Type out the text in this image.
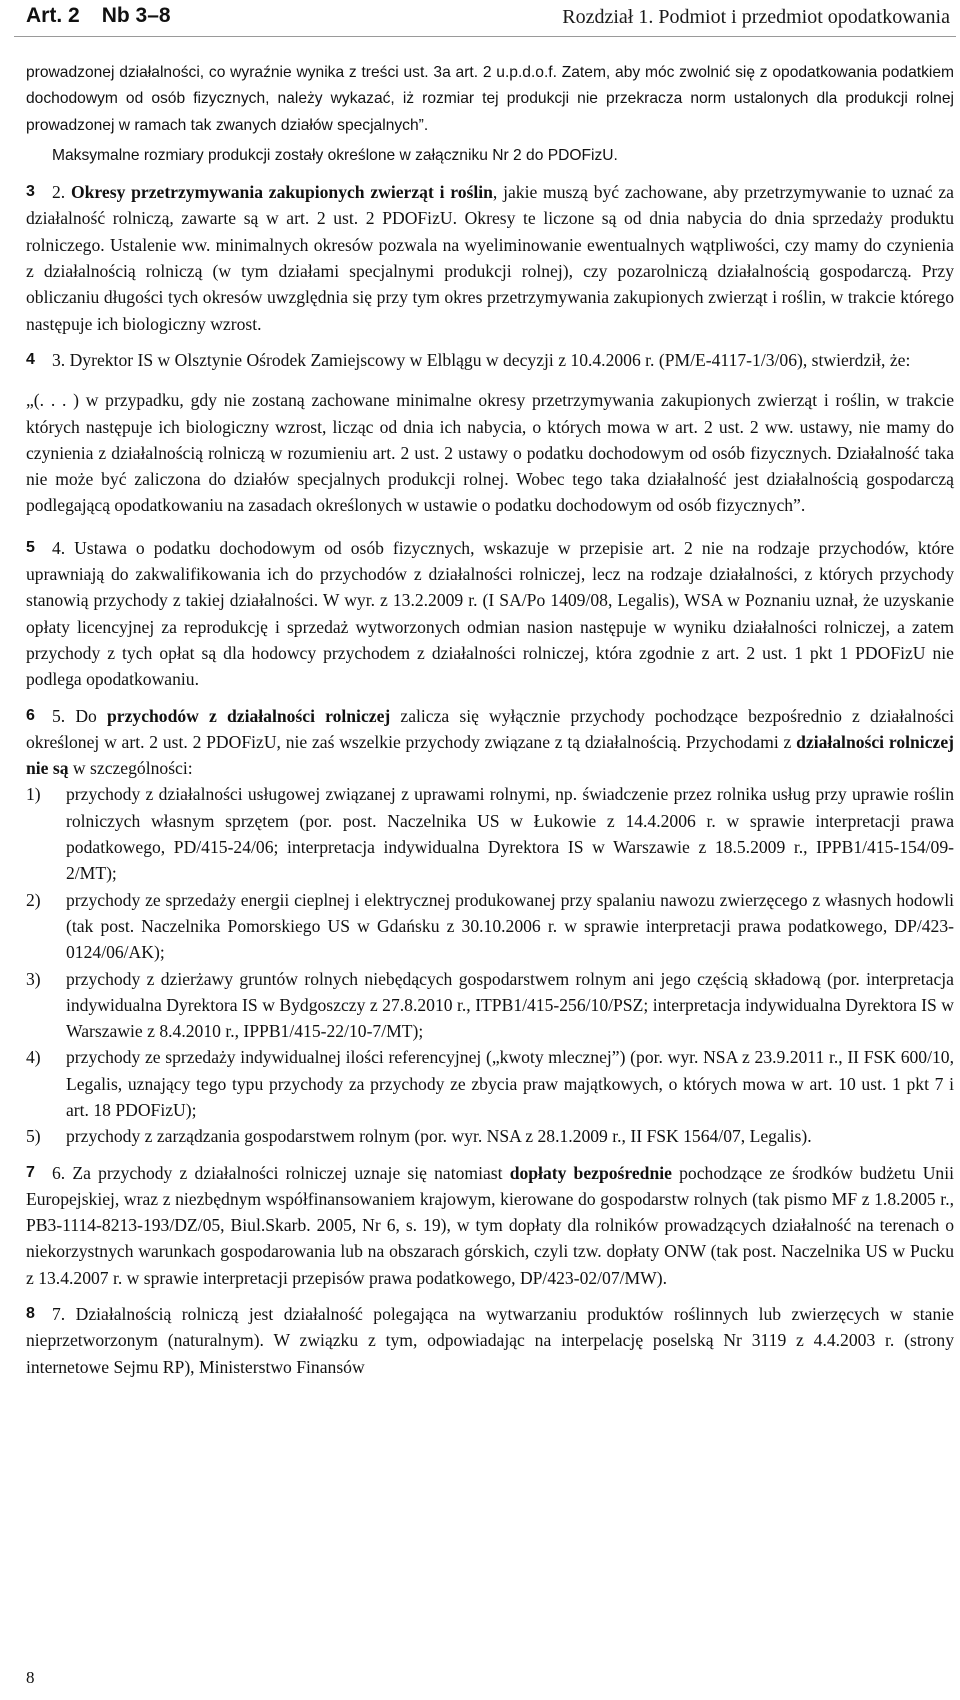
Art. 2 Nb 3–8	Rozdział 1. Podmiot i przedmiot opodatkowania

prowadzonej działalności, co wyraźnie wynika z treści ust. 3a art. 2 u.p.d.o.f. Zatem, aby móc zwolnić się z opodatkowania podatkiem dochodowym od osób fizycznych, należy wykazać, iż rozmiar tej produkcji nie przekracza norm ustalonych dla produkcji rolnej prowadzonej w ramach tak zwanych działów specjalnych”.

Maksymalne rozmiary produkcji zostały określone w załączniku Nr 2 do PDOFizU.

3 2. Okresy przetrzymywania zakupionych zwierząt i roślin, jakie muszą być zachowane, aby przetrzymywanie to uznać za działalność rolniczą, zawarte są w art. 2 ust. 2 PDOFizU. Okresy te liczone są od dnia nabycia do dnia sprzedaży produktu rolniczego. Ustalenie ww. minimalnych okresów pozwala na wyeliminowanie ewentualnych wątpliwości, czy mamy do czynienia z działalnością rolniczą (w tym działami specjalnymi produkcji rolnej), czy pozarolniczą działalnością gospodarczą. Przy obliczaniu długości tych okresów uwzględnia się przy tym okres przetrzymywania zakupionych zwierząt i roślin, w trakcie którego następuje ich biologiczny wzrost.
4 3. Dyrektor IS w Olsztynie Ośrodek Zamiejscowy w Elblągu w decyzji z 10.4.2006 r. (PM/E-4117-1/3/06), stwierdził, że:

„(. . . ) w przypadku, gdy nie zostaną zachowane minimalne okresy przetrzymywania zakupionych zwierząt i roślin, w trakcie których następuje ich biologiczny wzrost, licząc od dnia ich nabycia, o których mowa w art. 2 ust. 2 ww. ustawy, nie mamy do czynienia z działalnością rolniczą w rozumieniu art. 2 ust. 2 ustawy o podatku dochodowym od osób fizycznych. Działalność taka nie może być zaliczona do działów specjalnych produkcji rolnej. Wobec tego taka działalność jest działalnością gospodarczą podlegającą opodatkowaniu na zasadach określonych w ustawie o podatku dochodowym od osób fizycznych”.

5 4. Ustawa o podatku dochodowym od osób fizycznych, wskazuje w przepisie art. 2 nie na rodzaje przychodów, które uprawniają do zakwalifikowania ich do przychodów z działalności rolniczej, lecz na rodzaje działalności, z których przychody stanowią przychody z takiej działalności. W wyr. z 13.2.2009 r. (I SA/Po 1409/08, Legalis), WSA w Poznaniu uznał, że uzyskanie opłaty licencyjnej za reprodukcję i sprzedaż wytworzonych odmian nasion następuje w wyniku działalności rolniczej, a zatem przychody z tych opłat są dla hodowcy przychodem z działalności rolniczej, która zgodnie z art. 2 ust. 1 pkt 1 PDOFizU nie podlega opodatkowaniu.
6 5. Do przychodów z działalności rolniczej zalicza się wyłącznie przychody pochodzące bezpośrednio z działalności określonej w art. 2 ust. 2 PDOFizU, nie zaś wszelkie przychody związane z tą działalnością. Przychodami z działalności rolniczej nie są w szczególności:
1) przychody z działalności usługowej związanej z uprawami rolnymi, np. świadczenie przez rolnika usług przy uprawie roślin rolniczych własnym sprzętem (por. post. Naczelnika US w Łukowie z 14.4.2006 r. w sprawie interpretacji prawa podatkowego, PD/415-24/06; interpretacja indywidualna Dyrektora IS w Warszawie z 18.5.2009 r., IPPB1/415-154/09-2/MT);
2) przychody ze sprzedaży energii cieplnej i elektrycznej produkowanej przy spalaniu nawozu zwierzęcego z własnych hodowli (tak post. Naczelnika Pomorskiego US w Gdańsku z 30.10.2006 r. w sprawie interpretacji prawa podatkowego, DP/423-0124/06/AK);
3) przychody z dzierżawy gruntów rolnych niebędących gospodarstwem rolnym ani jego częścią składową (por. interpretacja indywidualna Dyrektora IS w Bydgoszczy z 27.8.2010 r., ITPB1/415-256/10/PSZ; interpretacja indywidualna Dyrektora IS w Warszawie z 8.4.2010 r., IPPB1/415-22/10-7/MT);
4) przychody ze sprzedaży indywidualnej ilości referencyjnej („kwoty mlecznej”) (por. wyr. NSA z 23.9.2011 r., II FSK 600/10, Legalis, uznający tego typu przychody za przychody ze zbycia praw majątkowych, o których mowa w art. 10 ust. 1 pkt 7 i art. 18 PDOFizU);
5) przychody z zarządzania gospodarstwem rolnym (por. wyr. NSA z 28.1.2009 r., II FSK 1564/07, Legalis).
7 6. Za przychody z działalności rolniczej uznaje się natomiast dopłaty bezpośrednie pochodzące ze środków budżetu Unii Europejskiej, wraz z niezbędnym współfinansowaniem krajowym, kierowane do gospodarstw rolnych (tak pismo MF z 1.8.2005 r., PB3-1114-8213-193/DZ/05, Biul.Skarb. 2005, Nr 6, s. 19), w tym dopłaty dla rolników prowadzących działalność na terenach o niekorzystnych warunkach gospodarowania lub na obszarach górskich, czyli tzw. dopłaty ONW (tak post. Naczelnika US w Pucku z 13.4.2007 r. w sprawie interpretacji przepisów prawa podatkowego, DP/423-02/07/MW).
8 7. Działalnością rolniczą jest działalność polegająca na wytwarzaniu produktów roślinnych lub zwierzęcych w stanie nieprzetworzonym (naturalnym). W związku z tym, odpowiadając na interpelację poselską Nr 3119 z 4.4.2003 r. (strony internetowe Sejmu RP), Ministerstwo Finansów
8
